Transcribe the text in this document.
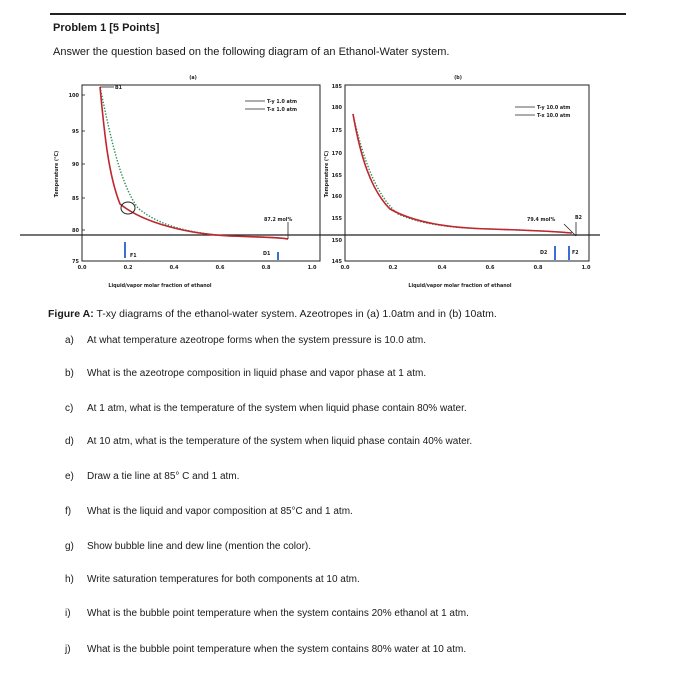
Problem 1 [5 Points]
Answer the question based on the following diagram of an Ethanol-Water system.
(a)
100
95
90
85
80
75
0.0	0.2	0.4	0.6	0.8	1.0
Liquid/vapor molar fraction of ethanol
Temperature (°C)
T-y 1.0 atm
T-x 1.0 atm
B1
F1
87.2 mol%
D1
(b)
185
180
175
170
165
160
155
150
145
0.0	0.2	0.4	0.6	0.8	1.0
Liquid/vapor molar fraction of ethanol
Temperature (°C)
T-y 10.0 atm
T-x 10.0 atm
79.4 mol%	B2
D2	F2
Figure A: T-xy diagrams of the ethanol-water system. Azeotropes in (a) 1.0atm and in (b) 10atm.
a) At what temperature azeotrope forms when the system pressure is 10.0 atm.
b) What is the azeotrope composition in liquid phase and vapor phase at 1 atm.
c) At 1 atm, what is the temperature of the system when liquid phase contain 80% water.
d) At 10 atm, what is the temperature of the system when liquid phase contain 40% water.
e) Draw a tie line at 85° C and 1 atm.
f) What is the liquid and vapor composition at 85°C and 1 atm.
g) Show bubble line and dew line (mention the color).
h) Write saturation temperatures for both components at 10 atm.
i) What is the bubble point temperature when the system contains 20% ethanol at 1 atm.
j) What is the bubble point temperature when the system contains 80% water at 10 atm.
